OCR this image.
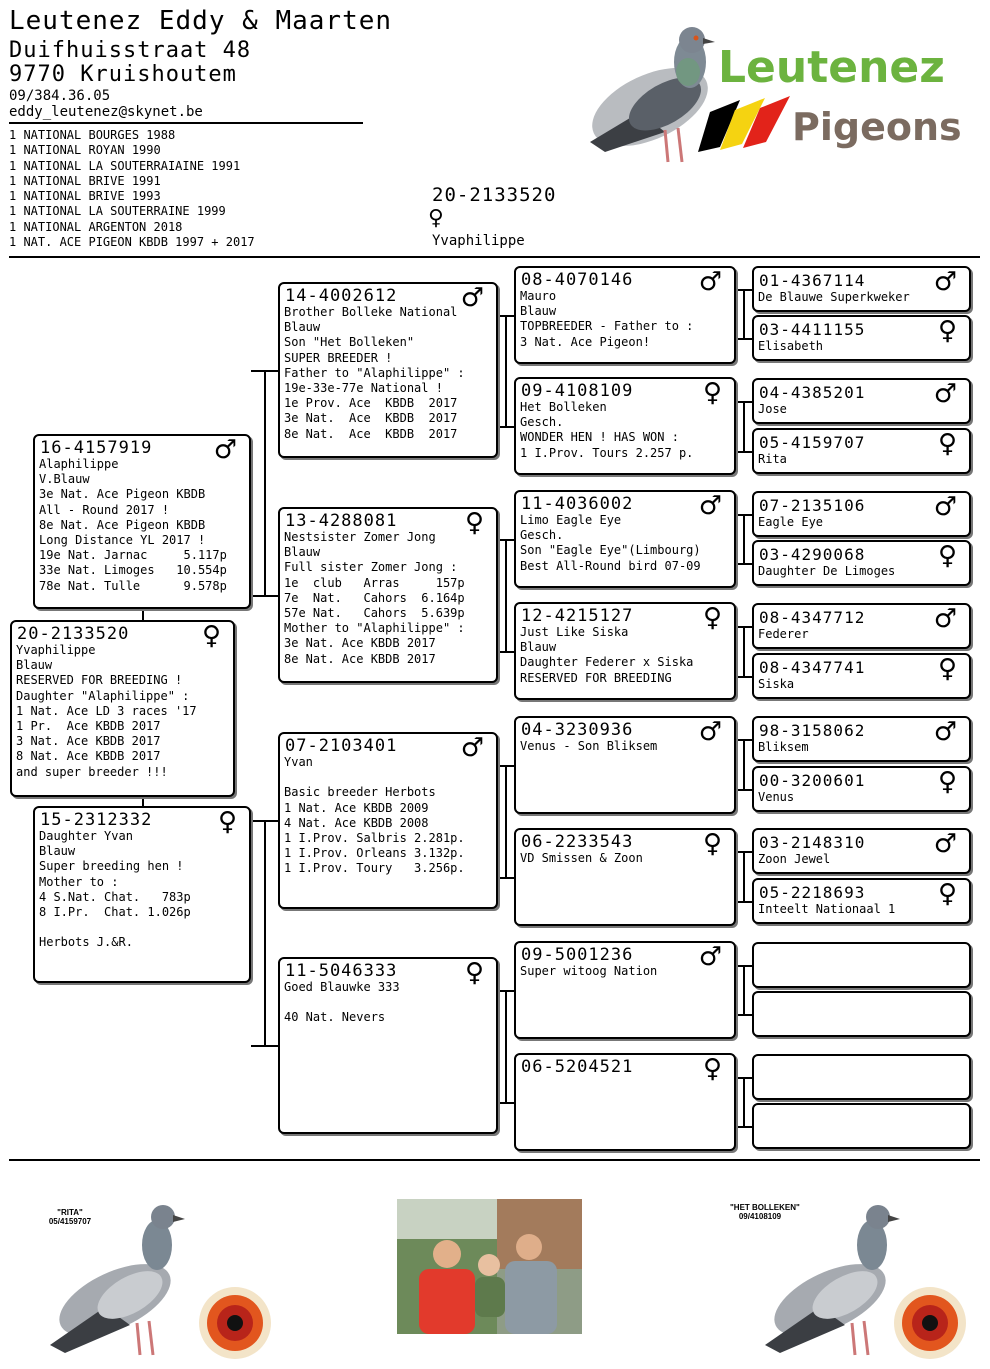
Leutenez Eddy & Maarten
Duifhuisstraat 48
9770 Kruishoutem
09/384.36.05
eddy_leutenez@skynet.be
1 NATIONAL BOURGES 1988
1 NATIONAL ROYAN 1990
1 NATIONAL LA SOUTERRAIAINE 1991
1 NATIONAL BRIVE 1991
1 NATIONAL BRIVE 1993
1 NATIONAL LA SOUTERRAINE 1999
1 NATIONAL ARGENTON 2018
1 NAT. ACE PIGEON KBDB 1997 + 2017
20-2133520
♀
Yvaphilippe
Leutenez
Pigeons
20-2133520	♀
Yvaphilippe
Blauw
RESERVED FOR BREEDING !
Daughter "Alaphilippe" :
1 Nat. Ace LD 3 races '17
1 Pr.  Ace KBDB 2017
3 Nat. Ace KBDB 2017
8 Nat. Ace KBDB 2017
and super breeder !!!
16-4157919 ♂
Alaphilippe
V.Blauw
3e Nat. Ace Pigeon KBDB
All - Round 2017 !
8e Nat. Ace Pigeon KBDB
Long Distance YL 2017 !
19e Nat. Jarnac     5.117p
33e Nat. Limoges   10.554p
78e Nat. Tulle      9.578p
15-2312332	♀
Daughter Yvan
Blauw
Super breeding hen !
Mother to :
4 S.Nat. Chat.   783p
8 I.Pr.  Chat. 1.026p
Herbots J.&R.
14-4002612 ♂
Brother Bolleke National
Blauw
Son "Het Bolleken"
SUPER BREEDER !
Father to "Alaphilippe" :
19e-33e-77e National !
1e Prov. Ace  KBDB  2017
3e Nat.  Ace  KBDB  2017
8e Nat.  Ace  KBDB  2017
13-4288081	♀
Nestsister Zomer Jong
Blauw
Full sister Zomer Jong :
1e  club   Arras     157p
7e  Nat.   Cahors  6.164p
57e Nat.   Cahors  5.639p
Mother to "Alaphilippe" :
3e Nat. Ace KBDB 2017
8e Nat. Ace KBDB 2017
07-2103401 ♂
Yvan
Basic breeder Herbots
1 Nat. Ace KBDB 2009
4 Nat. Ace KBDB 2008
1 I.Prov. Salbris 2.281p.
1 I.Prov. Orleans 3.132p.
1 I.Prov. Toury   3.256p.
11-5046333	♀
Goed Blauwke 333
40 Nat. Nevers
08-4070146	♂
Mauro
Blauw
TOPBREEDER - Father to :
3 Nat. Ace Pigeon!
09-4108109	♀
Het Bolleken
Gesch.
WONDER HEN ! HAS WON :
1 I.Prov. Tours 2.257 p.
11-4036002	♂
Limo Eagle Eye
Gesch.
Son "Eagle Eye"(Limbourg)
Best All-Round bird 07-09
12-4215127	♀
Just Like Siska
Blauw
Daughter Federer x Siska
RESERVED FOR BREEDING
04-3230936	♂
Venus - Son Bliksem
06-2233543	♀
VD Smissen & Zoon
09-5001236	♂
Super witoog Nation
06-5204521	♀
01-4367114	♂
De Blauwe Superkweker
03-4411155	♀
Elisabeth
04-4385201	♂
Jose
05-4159707	♀
Rita
07-2135106	♂
Eagle Eye
03-4290068	♀
Daughter De Limoges
08-4347712	♂
Federer
08-4347741	♀
Siska
98-3158062	♂
Bliksem
00-3200601	♀
Venus
03-2148310	♂
Zoon Jewel
05-2218693	♀
Inteelt Nationaal 1
"RITA"
05/4159707
"HET BOLLEKEN"
09/4108109
